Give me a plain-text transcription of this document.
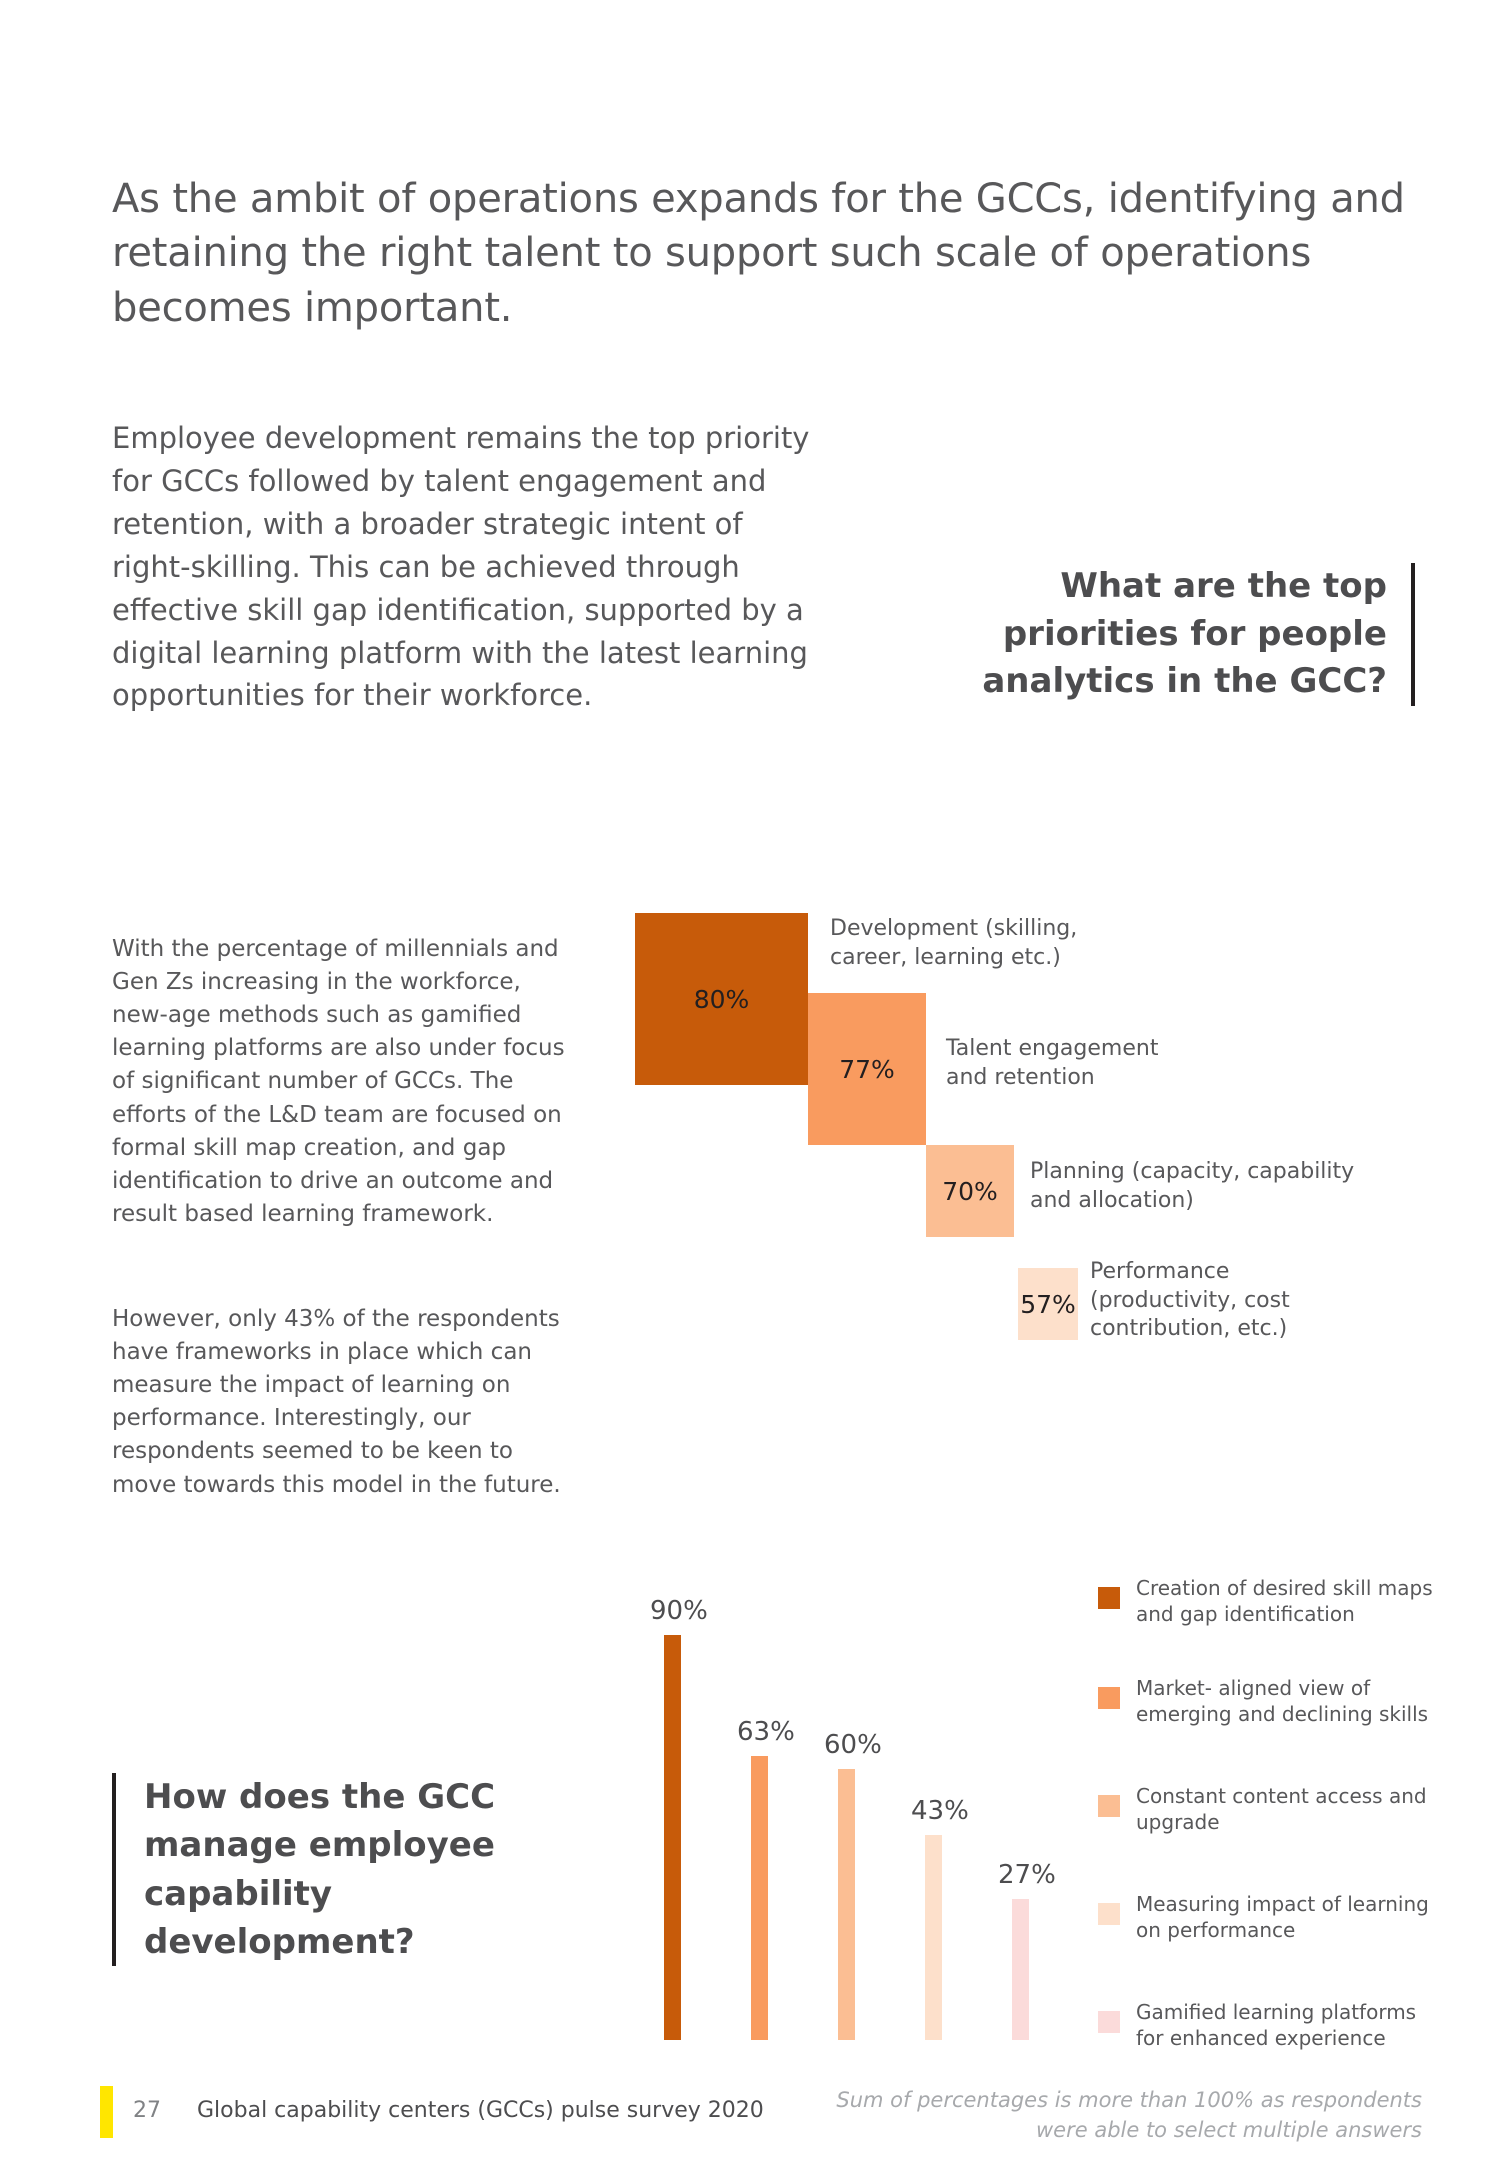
As the ambit of operations expands for the GCCs, identifying and retaining the right talent to support such scale of operations becomes important.

Employee development remains the top priority for GCCs followed by talent engagement and retention, with a broader strategic intent of right-skilling. This can be achieved through effective skill gap identification, supported by a digital learning platform with the latest learning opportunities for their workforce.

What are the top priorities for people analytics in the GCC?

With the percentage of millennials and Gen Zs increasing in the workforce, new-age methods such as gamified learning platforms are also under focus of significant number of GCCs. The efforts of the L&D team are focused on formal skill map creation, and gap identification to drive an outcome and result based learning framework.

However, only 43% of the respondents have frameworks in place which can measure the impact of learning on performance. Interestingly, our respondents seemed to be keen to move towards this model in the future.

80%
Development (skilling, career, learning etc.)
77%
Talent engagement and retention
70%
Planning (capacity, capability and allocation)
57%
Performance (productivity, cost contribution, etc.)
How does the GCC manage employee capability development?
90%
63% 60%
43%
27%
Creation of desired skill maps and gap identification
Market- aligned view of emerging and declining skills
Constant content access and upgrade
Measuring impact of learning on performance
Gamified learning platforms for enhanced experience
27 Global capability centers (GCCs) pulse survey 2020	Sum of percentages is more than 100% as respondents were able to select multiple answers
